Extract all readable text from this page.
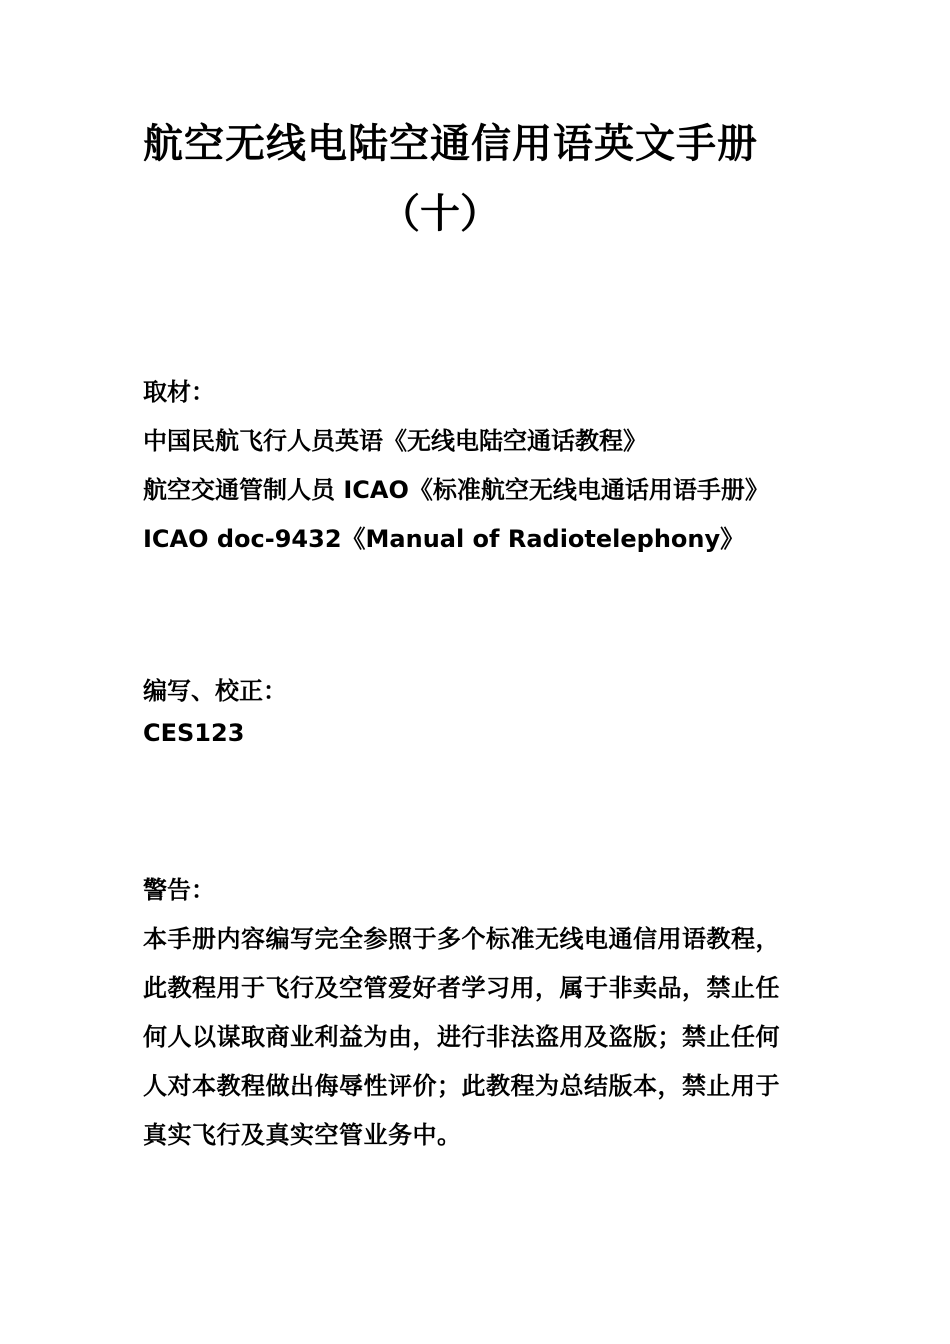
航空无线电陆空通信用语英文手册
（十）
取材：
中国民航飞行人员英语《无线电陆空通话教程》
航空交通管制人员 ICAO《标准航空无线电通话用语手册》
ICAO doc-9432《Manual of Radiotelephony》
编写、校正：
CES123
警告：
本手册内容编写完全参照于多个标准无线电通信用语教程，
此教程用于飞行及空管爱好者学习用，属于非卖品，禁止任
何人以谋取商业利益为由，进行非法盗用及盗版；禁止任何
人对本教程做出侮辱性评价；此教程为总结版本，禁止用于
真实飞行及真实空管业务中。
